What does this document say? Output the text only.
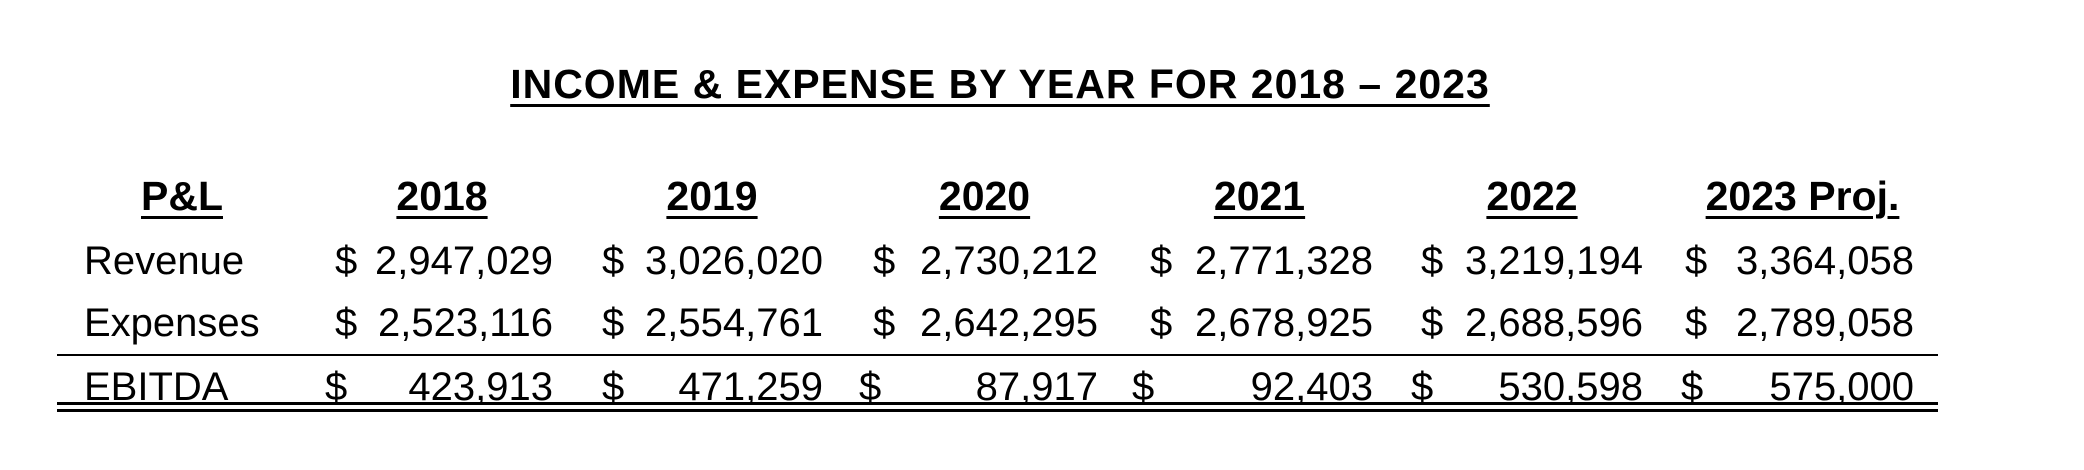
INCOME & EXPENSE BY YEAR FOR 2018 – 2023
P&L	2018	2019	2020	2021	2022	2023 Proj.
Revenue	$ 2,947,029	$ 3,026,020	$ 2,730,212	$ 2,771,328	$ 3,219,194	$ 3,364,058
Expenses	$ 2,523,116	$ 2,554,761	$ 2,642,295	$ 2,678,925	$ 2,688,596	$ 2,789,058
EBITDA	$ 423,913	$ 471,259	$ 87,917	$ 92,403	$ 530,598	$ 575,000
